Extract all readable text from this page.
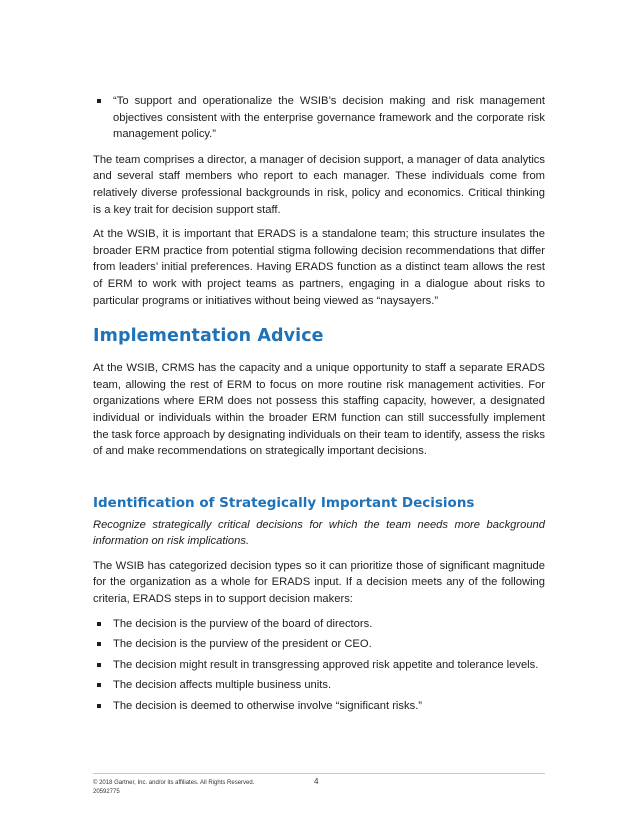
“To support and operationalize the WSIB’s decision making and risk management objectives consistent with the enterprise governance framework and the corporate risk management policy.”

The team comprises a director, a manager of decision support, a manager of data analytics and several staff members who report to each manager. These individuals come from relatively diverse professional backgrounds in risk, policy and economics. Critical thinking is a key trait for decision support staff.

At the WSIB, it is important that ERADS is a standalone team; this structure insulates the broader ERM practice from potential stigma following decision recommendations that differ from leaders’ initial preferences. Having ERADS function as a distinct team allows the rest of ERM to work with project teams as partners, engaging in a dialogue about risks to particular programs or initiatives without being viewed as “naysayers.”

Implementation Advice

At the WSIB, CRMS has the capacity and a unique opportunity to staff a separate ERADS team, allowing the rest of ERM to focus on more routine risk management activities. For organizations where ERM does not possess this staffing capacity, however, a designated individual or individuals within the broader ERM function can still successfully implement the task force approach by designating individuals on their team to identify, assess the risks of and make recommendations on strategically important decisions.

Identification of Strategically Important Decisions

Recognize strategically critical decisions for which the team needs more background information on risk implications.

The WSIB has categorized decision types so it can prioritize those of significant magnitude for the organization as a whole for ERADS input. If a decision meets any of the following criteria, ERADS steps in to support decision makers:

The decision is the purview of the board of directors.
The decision is the purview of the president or CEO.
The decision might result in transgressing approved risk appetite and tolerance levels.
The decision affects multiple business units.
The decision is deemed to otherwise involve “significant risks.”
© 2018 Gartner, Inc. and/or its affiliates. All Rights Reserved.
20592775
4
